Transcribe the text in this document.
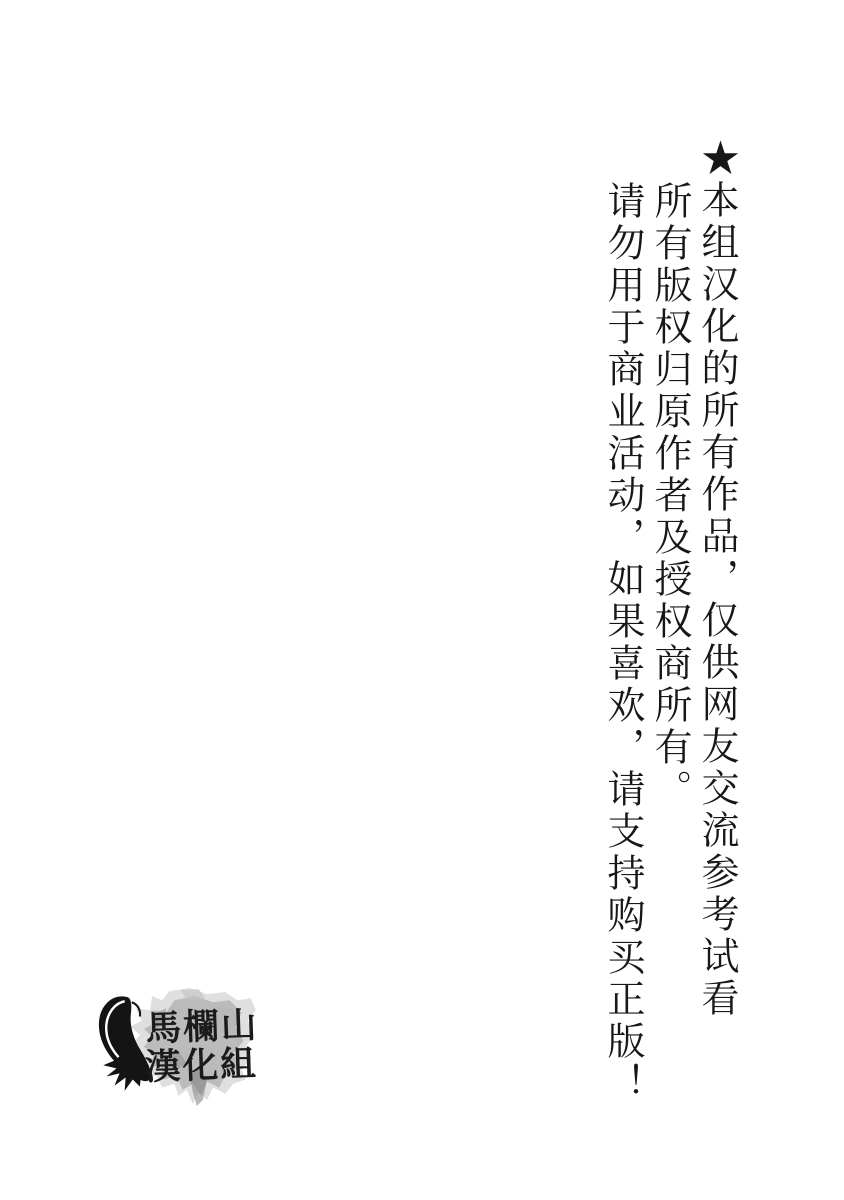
★本组汉化的所有作品，仅供网友交流参考试看

所有版权归原作者及授权商所有。

请勿用于商业活动，如果喜欢，请支持购买正版！

馬欄山
漢化組
